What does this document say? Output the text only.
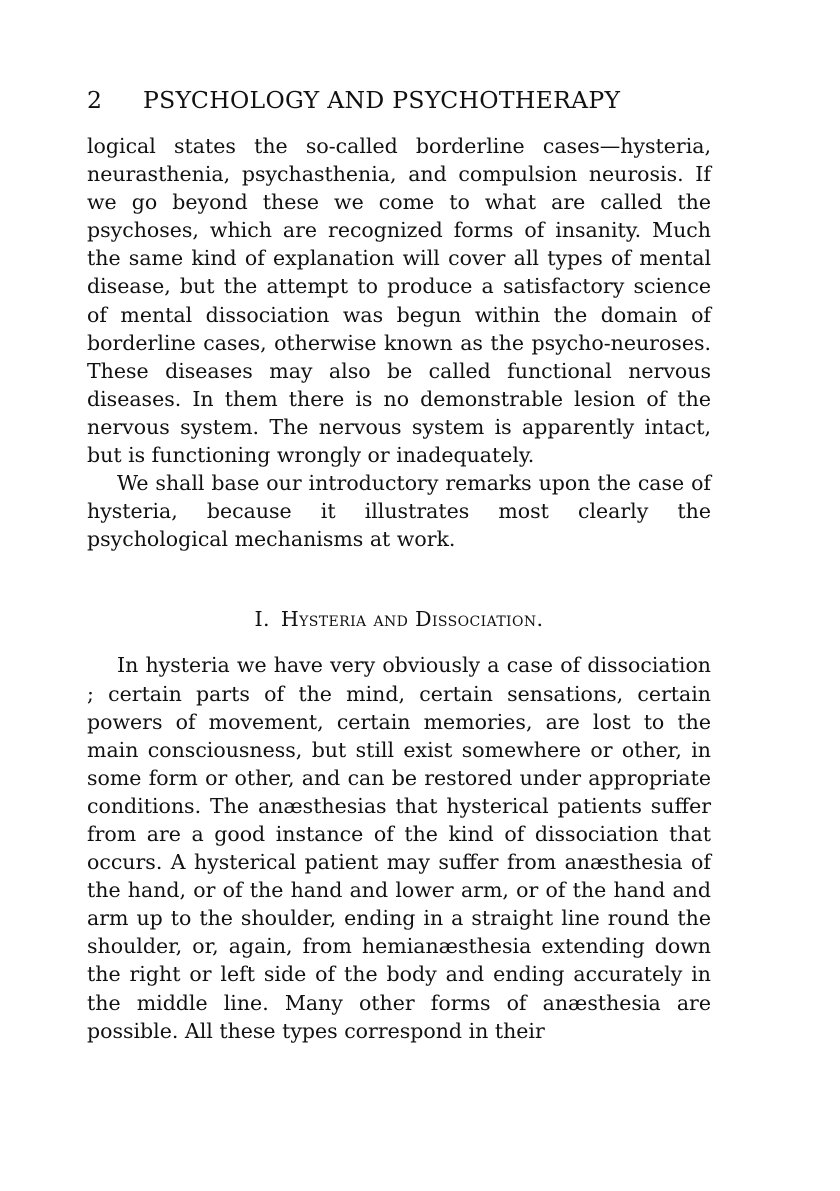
2 PSYCHOLOGY AND PSYCHOTHERAPY

logical states the so-called borderline cases—hysteria, neurasthenia, psychasthenia, and compulsion neurosis. If we go beyond these we come to what are called the psychoses, which are recognized forms of insanity. Much the same kind of explanation will cover all types of mental disease, but the attempt to produce a satisfactory science of mental dissociation was begun within the domain of borderline cases, otherwise known as the psycho-neuroses. These diseases may also be called functional nervous diseases. In them there is no demonstrable lesion of the nervous system. The nervous system is apparently intact, but is functioning wrongly or inadequately.

We shall base our introductory remarks upon the case of hysteria, because it illustrates most clearly the psychological mechanisms at work.

I. Hysteria and Dissociation.

In hysteria we have very obviously a case of dissociation ; certain parts of the mind, certain sensations, certain powers of movement, certain memories, are lost to the main consciousness, but still exist somewhere or other, in some form or other, and can be restored under appropriate conditions. The anæsthesias that hysterical patients suffer from are a good instance of the kind of dissociation that occurs. A hysterical patient may suffer from anæsthesia of the hand, or of the hand and lower arm, or of the hand and arm up to the shoulder, ending in a straight line round the shoulder, or, again, from hemianæsthesia extending down the right or left side of the body and ending accurately in the middle line. Many other forms of anæsthesia are possible. All these types correspond in their
